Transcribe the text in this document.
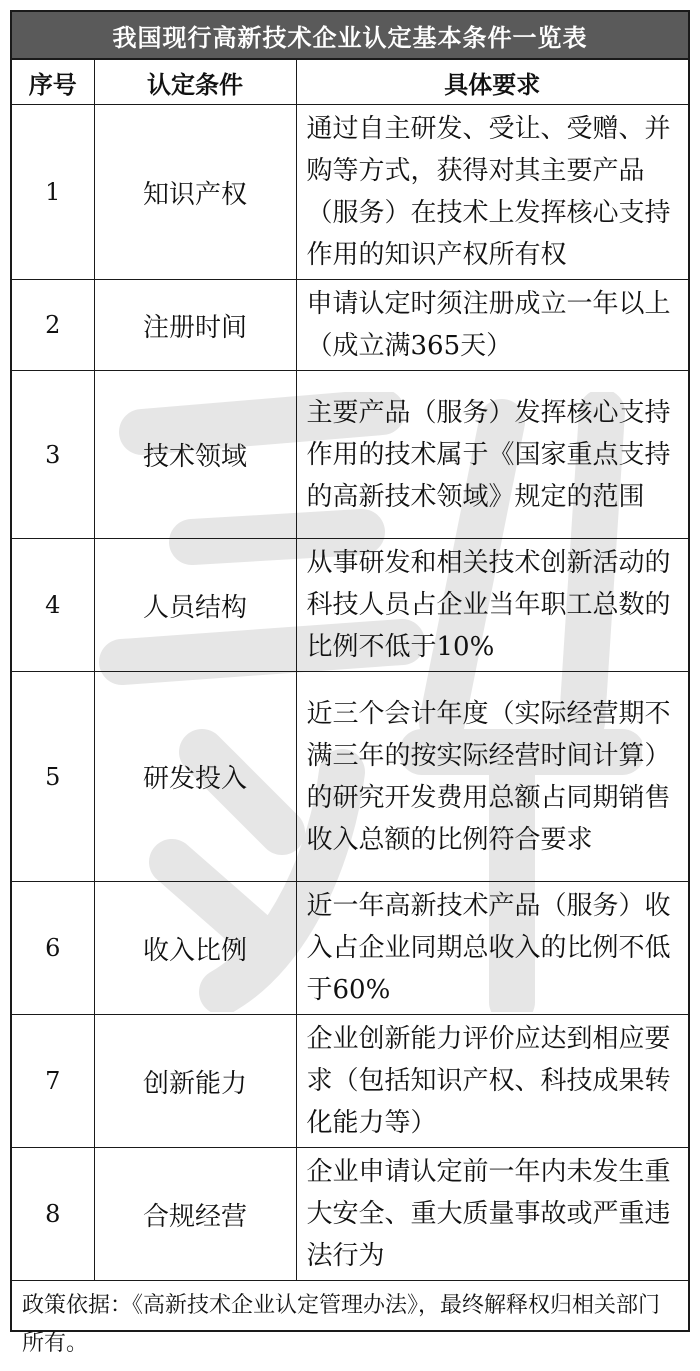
我国现行高新技术企业认定基本条件一览表		
序号	认定条件	具体要求
1	知识产权	通过自主研发、受让、受赠、并购等方式，获得对其主要产品（服务）在技术上发挥核心支持作用的知识产权所有权
2	注册时间	申请认定时须注册成立一年以上（成立满365天）
3	技术领域	主要产品（服务）发挥核心支持作用的技术属于《国家重点支持的高新技术领域》规定的范围
4	人员结构	从事研发和相关技术创新活动的科技人员占企业当年职工总数的比例不低于10%
5	研发投入	近三个会计年度（实际经营期不满三年的按实际经营时间计算）的研究开发费用总额占同期销售收入总额的比例符合要求
6	收入比例	近一年高新技术产品（服务）收入占企业同期总收入的比例不低于60%
7	创新能力	企业创新能力评价应达到相应要求（包括知识产权、科技成果转化能力等）
8	合规经营	企业申请认定前一年内未发生重大安全、重大质量事故或严重违法行为
政策依据：《高新技术企业认定管理办法》，最终解释权归相关部门所有。		
